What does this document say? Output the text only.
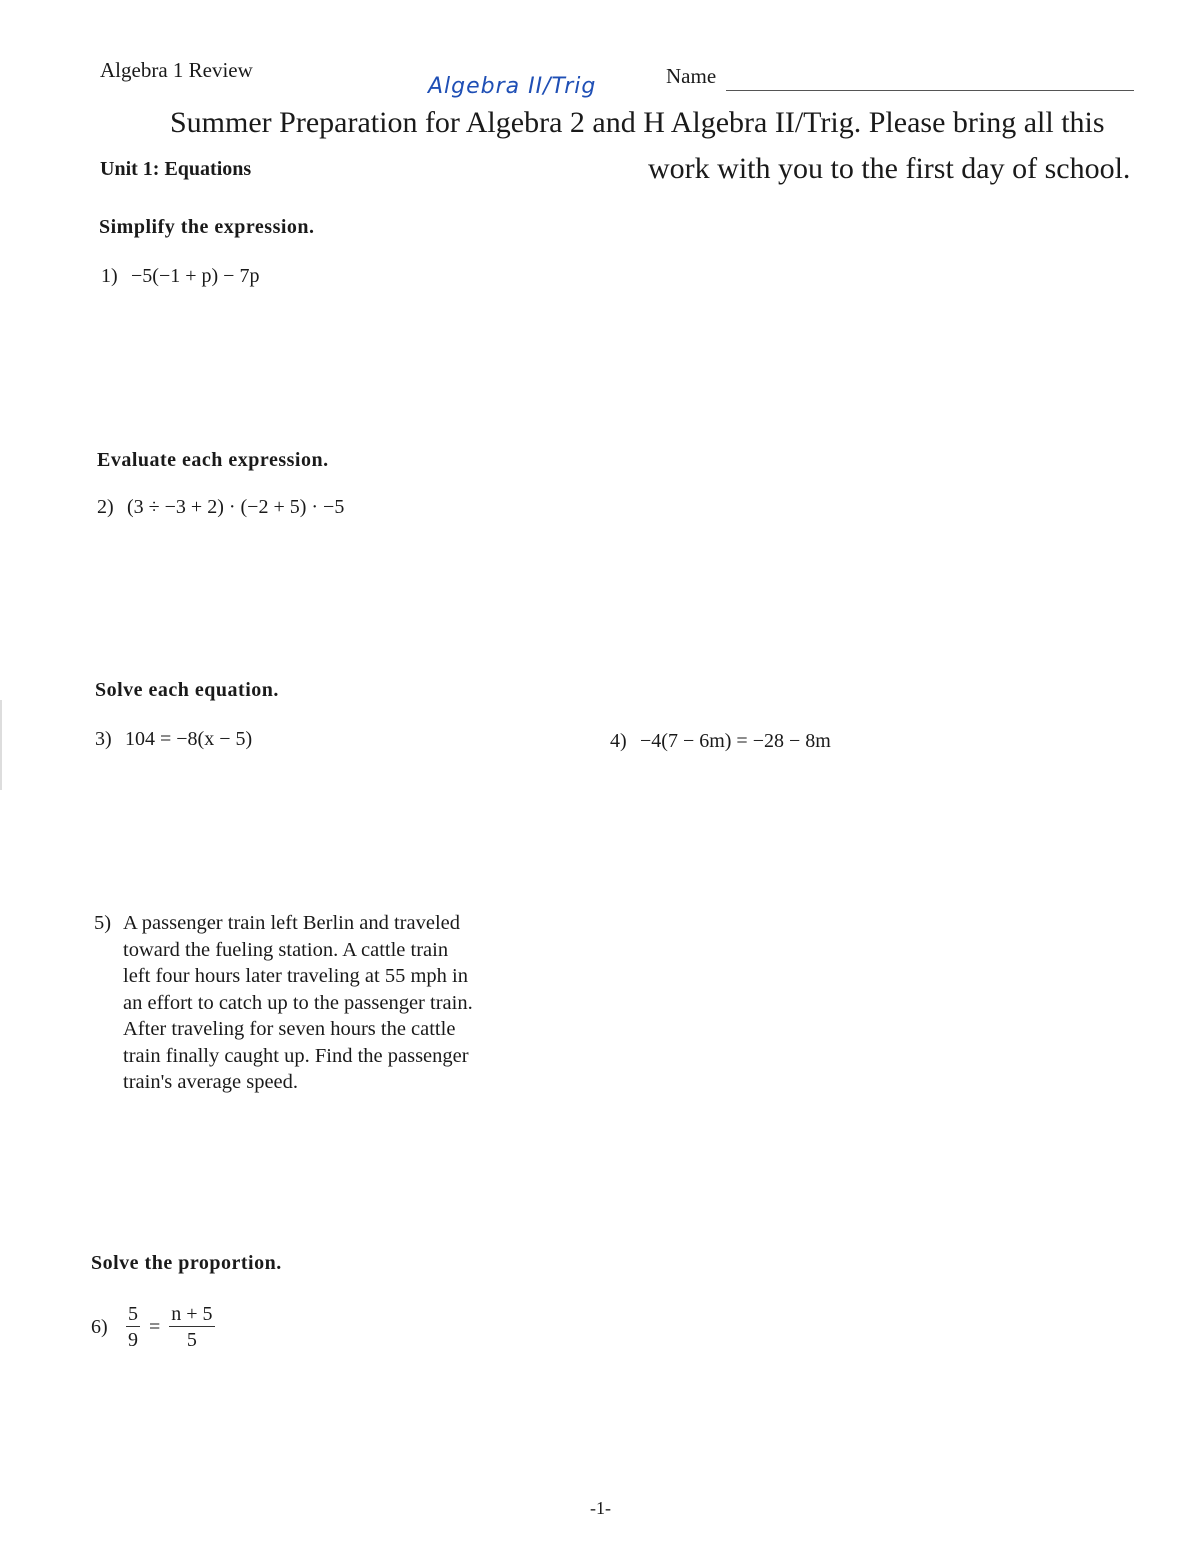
Algebra 1 Review
Algebra II/Trig	Name
Summer Preparation for Algebra 2 and H Algebra II/Trig. Please bring all this
work with you to the first day of school.
Unit 1: Equations
Simplify the expression.
1) −5(−1 + p) − 7p
Evaluate each expression.
2) (3 ÷ −3 + 2) · (−2 + 5) · −5
Solve each equation.
3) 104 = −8(x − 5)	4) −4(7 − 6m) = −28 − 8m
5) A passenger train left Berlin and traveled
toward the fueling station. A cattle train
left four hours later traveling at 55 mph in
an effort to catch up to the passenger train.
After traveling for seven hours the cattle
train finally caught up. Find the passenger
train's average speed.
Solve the proportion.
$6) \frac{5}{9} = \frac{n + 5}{5}$
-1-
